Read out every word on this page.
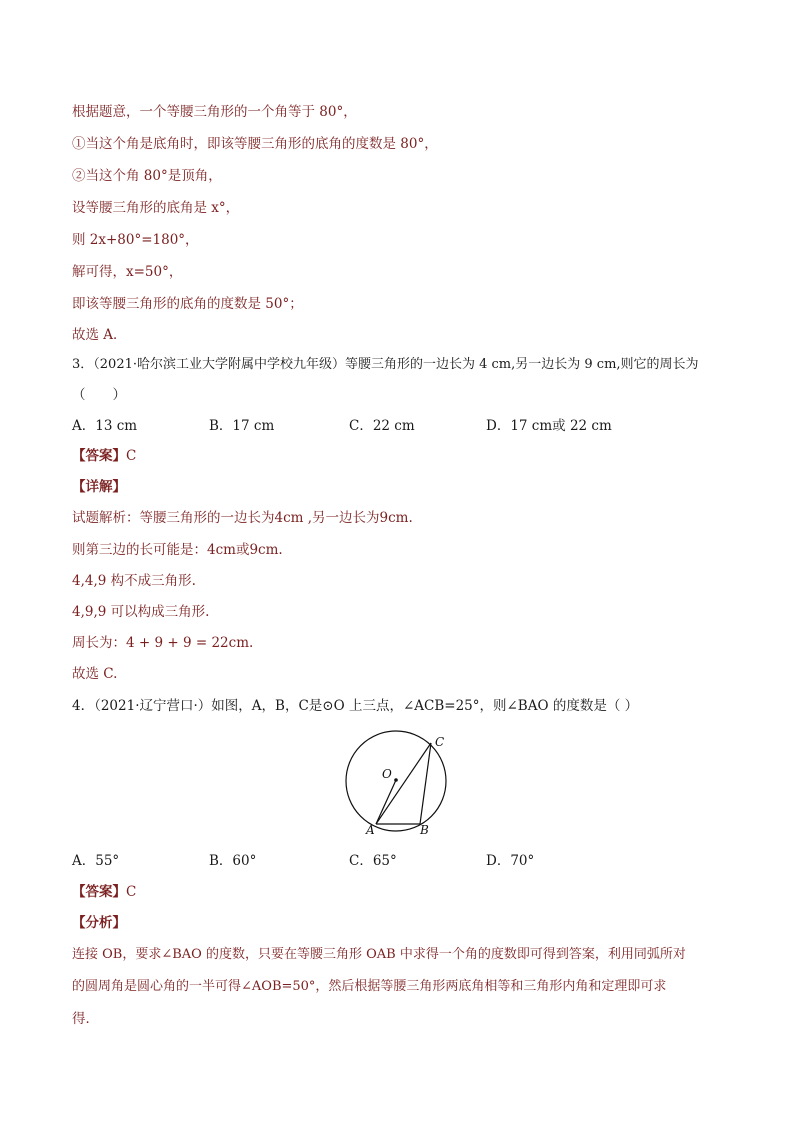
根据题意，一个等腰三角形的一个角等于 80°，
①当这个角是底角时，即该等腰三角形的底角的度数是 80°，
②当这个角 80°是顶角，
设等腰三角形的底角是 x°，
则 2x+80°=180°，
解可得，x=50°，
即该等腰三角形的底角的度数是 50°；
故选 A．
3．（2021·哈尔滨工业大学附属中学校九年级）等腰三角形的一边长为 4 cm,另一边长为 9 cm,则它的周长为
（　　）
A．13 cm	B．17 cm	C．22 cm	D．17 cm或 22 cm
【答案】C
【详解】
试题解析：等腰三角形的一边长为4cm ,另一边长为9cm.
则第三边的长可能是：4cm或9cm.
4,4,9 构不成三角形.
4,9,9 可以构成三角形.
周长为：4 + 9 + 9 = 22cm.
故选 C.
4．（2021·辽宁营口·）如图，A，B，C是⊙O 上三点，∠ACB=25°，则∠BAO 的度数是（ ）
O
A	B
C
A．55°	B．60°	C．65°	D．70°
【答案】C
【分析】
连接 OB，要求∠BAO 的度数，只要在等腰三角形 OAB 中求得一个角的度数即可得到答案，利用同弧所对
的圆周角是圆心角的一半可得∠AOB=50°，然后根据等腰三角形两底角相等和三角形内角和定理即可求
得．
